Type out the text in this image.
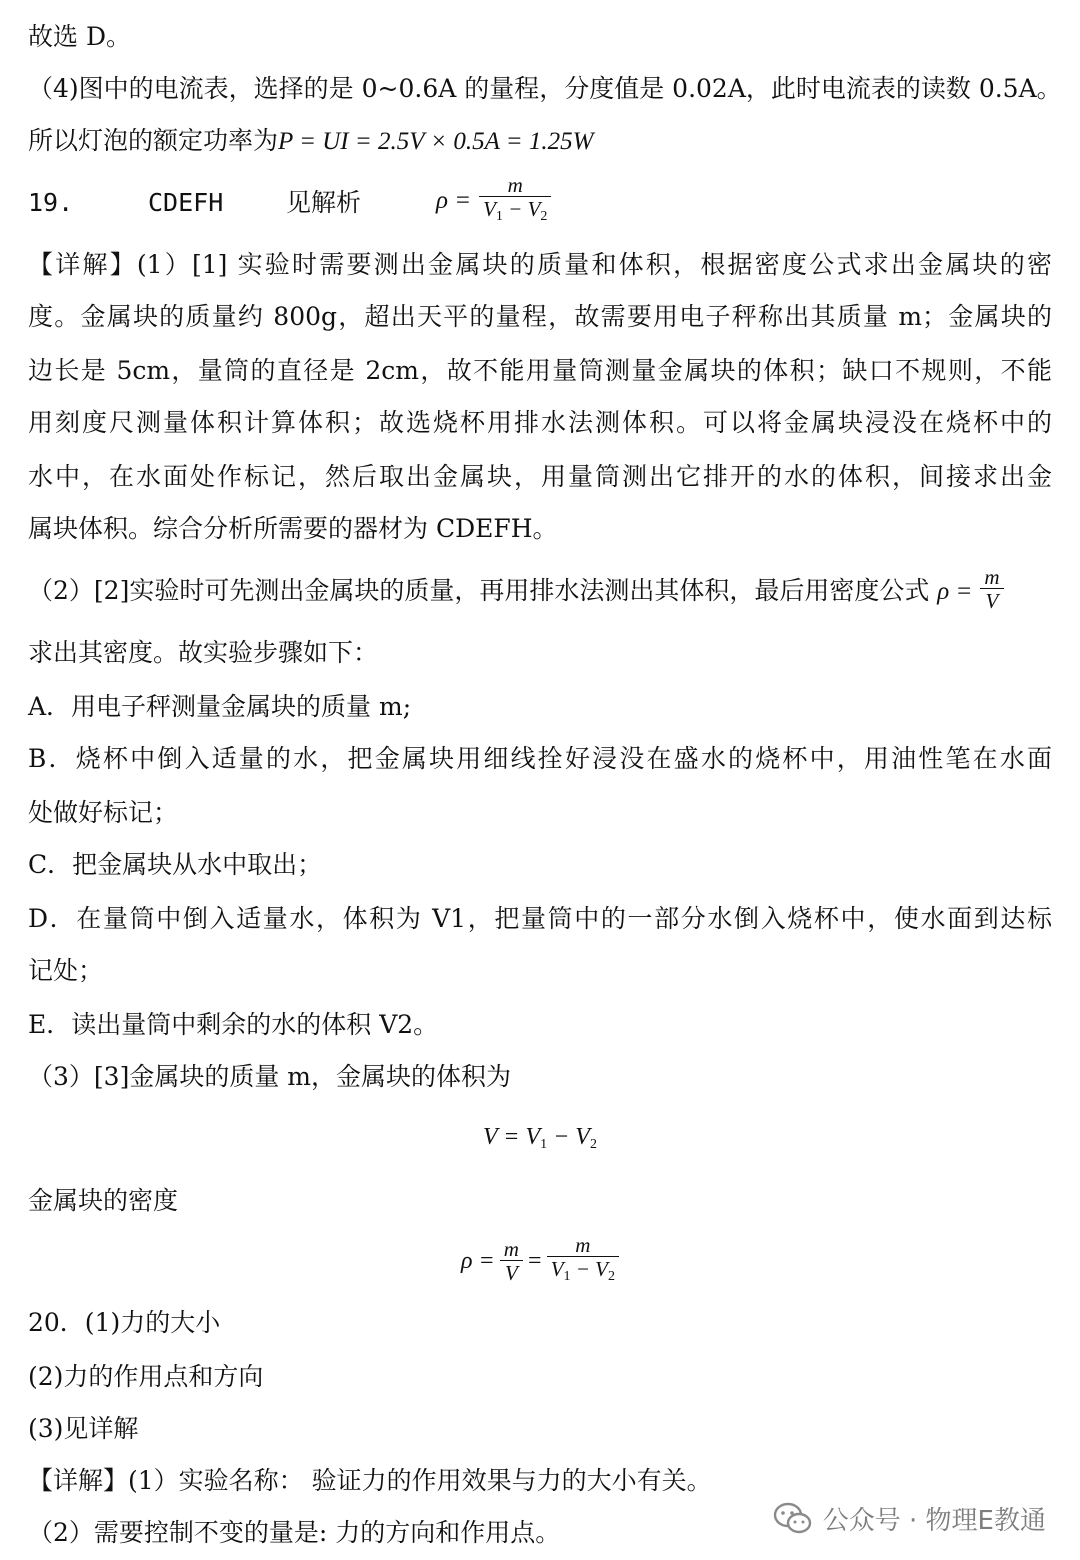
故选 D。
（4)图中的电流表，选择的是 0~0.6A 的量程，分度值是 0.02A，此时电流表的读数 0.5A。
所以灯泡的额定功率为P = UI = 2.5V × 0.5A = 1.25W
19.	CDEFH	见解析	$\rho = \frac{m}{V_1 - V_2}$
【详解】(1）[1] 实验时需要测出金属块的质量和体积，根据密度公式求出金属块的密
度。金属块的质量约 800g，超出天平的量程，故需要用电子秤称出其质量 m；金属块的
边长是 5cm，量筒的直径是 2cm，故不能用量筒测量金属块的体积；缺口不规则，不能
用刻度尺测量体积计算体积；故选烧杯用排水法测体积。可以将金属块浸没在烧杯中的
水中，在水面处作标记，然后取出金属块，用量筒测出它排开的水的体积，间接求出金
属块体积。综合分析所需要的器材为 CDEFH。
（2）[2]实验时可先测出金属块的质量，再用排水法测出其体积，最后用密度公式 $\rho = \frac{m}{V}$
求出其密度。故实验步骤如下：
A．用电子秤测量金属块的质量 m;
B．烧杯中倒入适量的水，把金属块用细线拴好浸没在盛水的烧杯中，用油性笔在水面
处做好标记；
C．把金属块从水中取出；
D．在量筒中倒入适量水，体积为 V1，把量筒中的一部分水倒入烧杯中，使水面到达标
记处；
E．读出量筒中剩余的水的体积 V2。
（3）[3]金属块的质量 m，金属块的体积为
$V = V_1 - V_2$
金属块的密度
$\rho = \frac{m}{V} = \frac{m}{V_1 - V_2}$
20．(1)力的大小
(2)力的作用点和方向
(3)见详解
【详解】(1）实验名称： 验证力的作用效果与力的大小有关。
（2）需要控制不变的量是: 力的方向和作用点。	公众号 · 物理E教通
